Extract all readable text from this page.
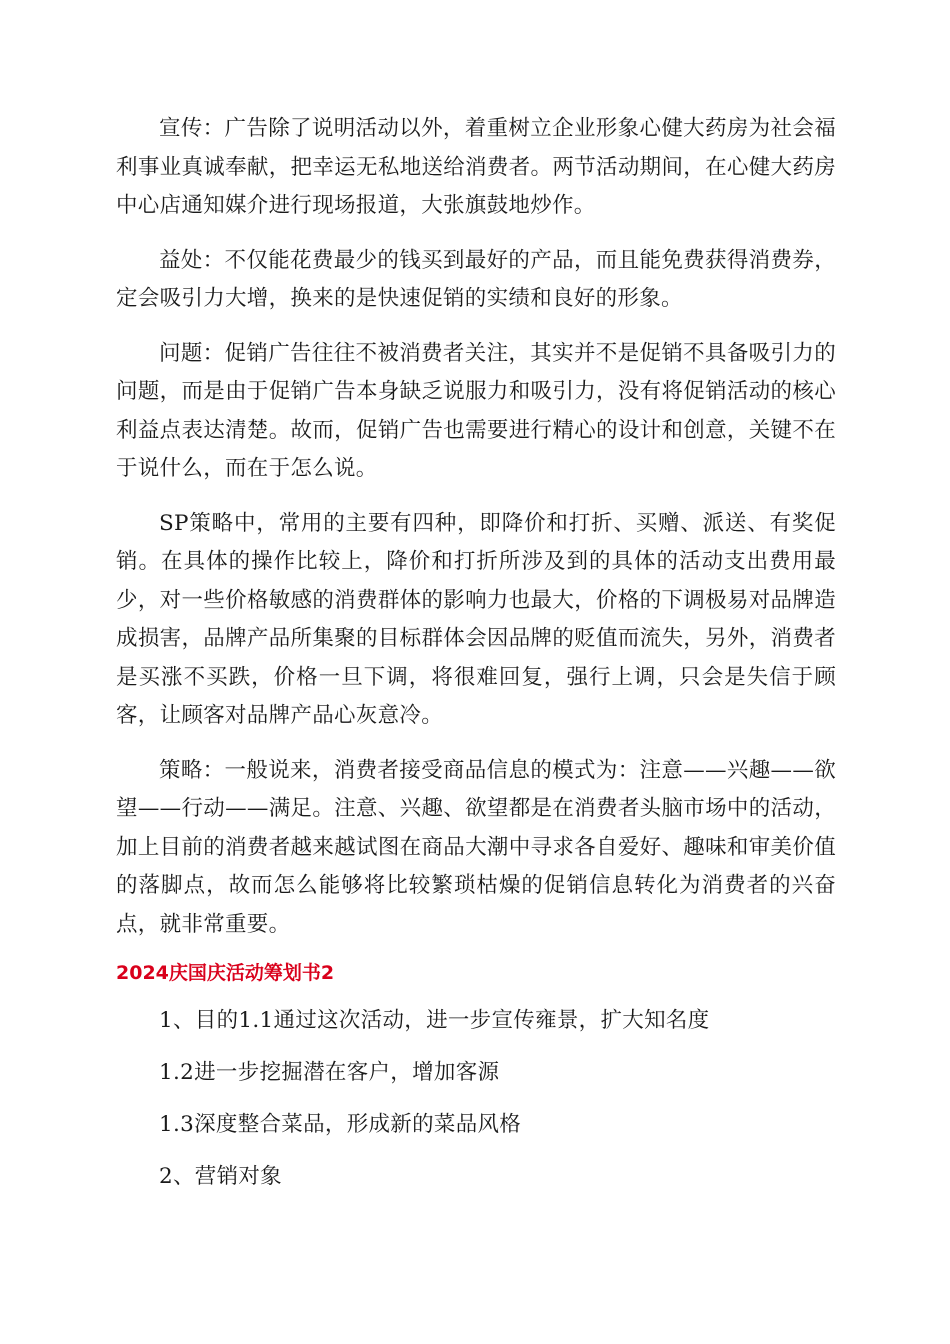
宣传：广告除了说明活动以外，着重树立企业形象心健大药房为社会福利事业真诚奉献，把幸运无私地送给消费者。两节活动期间，在心健大药房中心店通知媒介进行现场报道，大张旗鼓地炒作。

益处：不仅能花费最少的钱买到最好的产品，而且能免费获得消费券，定会吸引力大增，换来的是快速促销的实绩和良好的形象。

问题：促销广告往往不被消费者关注，其实并不是促销不具备吸引力的问题，而是由于促销广告本身缺乏说服力和吸引力，没有将促销活动的核心利益点表达清楚。故而，促销广告也需要进行精心的设计和创意，关键不在于说什么，而在于怎么说。

SP策略中，常用的主要有四种，即降价和打折、买赠、派送、有奖促销。在具体的操作比较上，降价和打折所涉及到的具体的活动支出费用最少，对一些价格敏感的消费群体的影响力也最大，价格的下调极易对品牌造成损害，品牌产品所集聚的目标群体会因品牌的贬值而流失，另外，消费者是买涨不买跌，价格一旦下调，将很难回复，强行上调，只会是失信于顾客，让顾客对品牌产品心灰意冷。

策略：一般说来，消费者接受商品信息的模式为：注意——兴趣——欲望——行动——满足。注意、兴趣、欲望都是在消费者头脑市场中的活动，加上目前的消费者越来越试图在商品大潮中寻求各自爱好、趣味和审美价值的落脚点，故而怎么能够将比较繁琐枯燥的促销信息转化为消费者的兴奋点，就非常重要。

2024庆国庆活动筹划书2

1、目的1.1通过这次活动，进一步宣传雍景，扩大知名度

1.2进一步挖掘潜在客户，增加客源

1.3深度整合菜品，形成新的菜品风格

2、营销对象
